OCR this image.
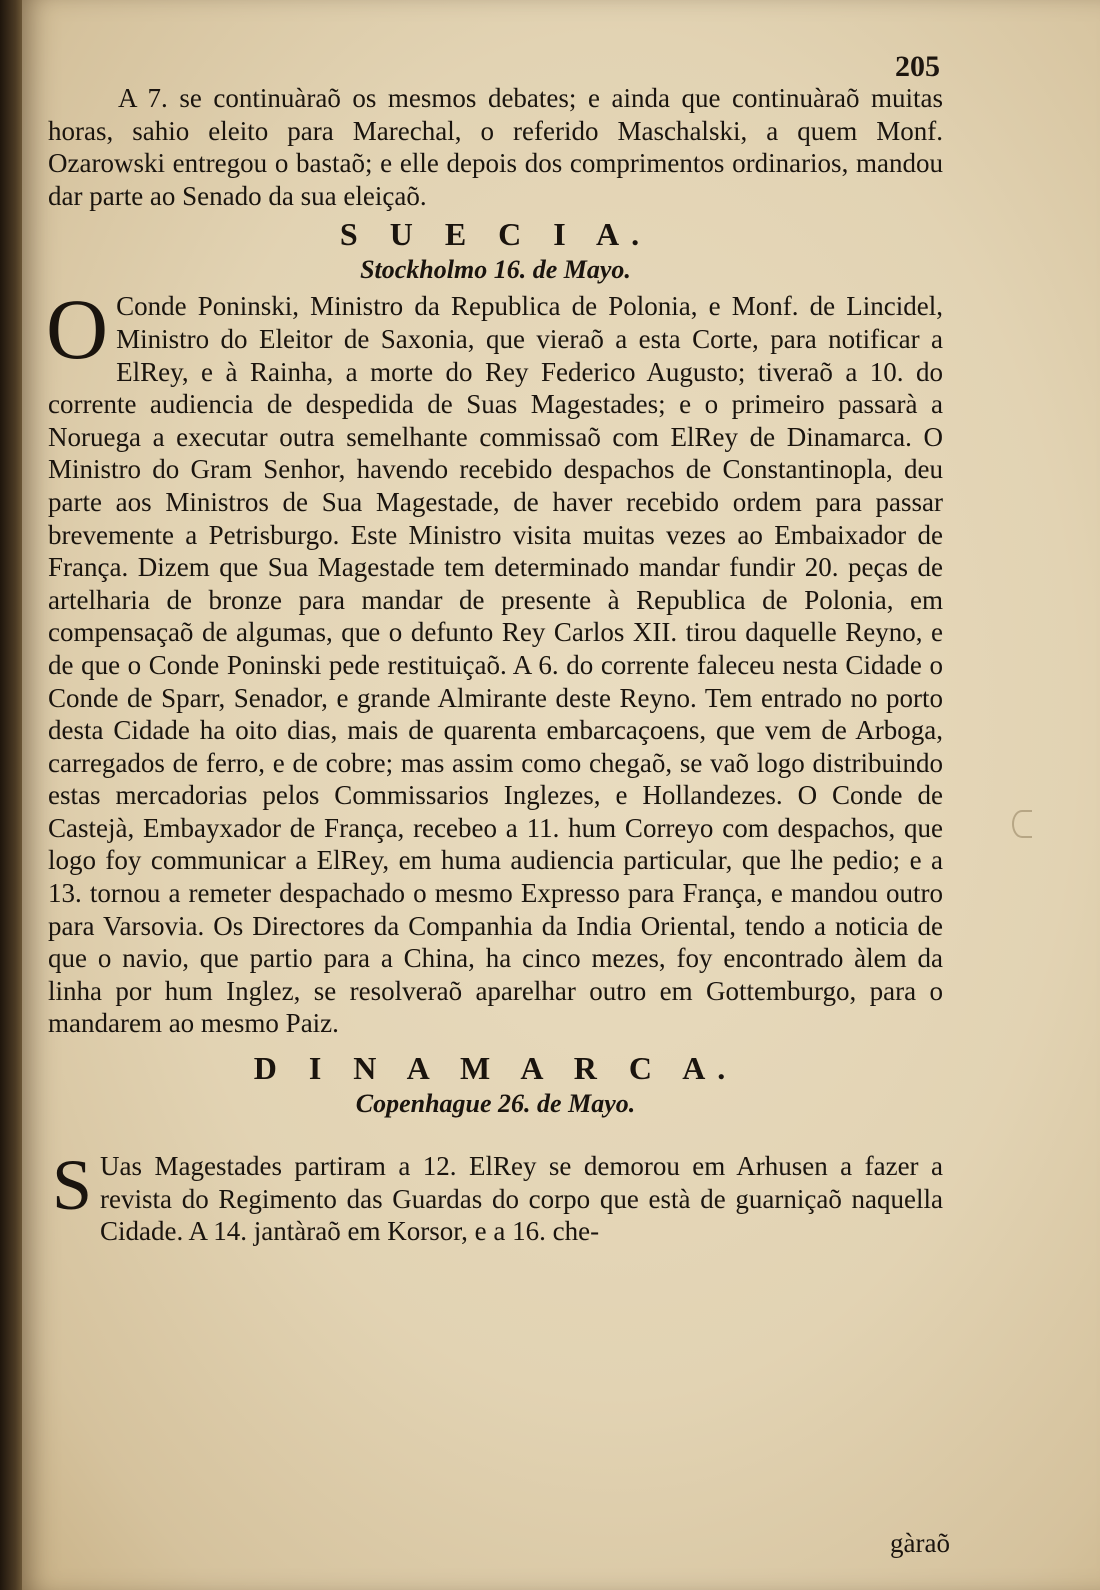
205

A 7. se continuàraõ os mesmos debates; e ainda que continuàraõ muitas horas, sahio eleito para Marechal, o referido Maschalski, a quem Monf. Ozarowski entregou o bastaõ; e elle depois dos comprimentos ordinarios, mandou dar parte ao Senado da sua eleiçaõ.

S U E C I A.
Stockholmo 16. de Mayo.

O Conde Poninski, Ministro da Republica de Polonia, e Monf. de Lincidel, Ministro do Eleitor de Saxonia, que vieraõ a esta Corte, para notificar a ElRey, e à Rainha, a morte do Rey Federico Augusto; tiveraõ a 10. do corrente audiencia de despedida de Suas Magestades; e o primeiro passarà a Noruega a executar outra semelhante commissaõ com ElRey de Dinamarca. O Ministro do Gram Senhor, havendo recebido despachos de Constantinopla, deu parte aos Ministros de Sua Magestade, de haver recebido ordem para passar brevemente a Petrisburgo. Este Ministro visita muitas vezes ao Embaixador de França. Dizem que Sua Magestade tem determinado mandar fundir 20. peças de artelharia de bronze para mandar de presente à Republica de Polonia, em compensaçaõ de algumas, que o defunto Rey Carlos XII. tirou daquelle Reyno, e de que o Conde Poninski pede restituiçaõ. A 6. do corrente faleceu nesta Cidade o Conde de Sparr, Senador, e grande Almirante deste Reyno. Tem entrado no porto desta Cidade ha oito dias, mais de quarenta embarcaçoens, que vem de Arboga, carregados de ferro, e de cobre; mas assim como chegaõ, se vaõ logo distribuindo estas mercadorias pelos Commissarios Inglezes, e Hollandezes. O Conde de Castejà, Embayxador de França, recebeo a 11. hum Correyo com despachos, que logo foy communicar a ElRey, em huma audiencia particular, que lhe pedio; e a 13. tornou a remeter despachado o mesmo Expresso para França, e mandou outro para Varsovia. Os Directores da Companhia da India Oriental, tendo a noticia de que o navio, que partio para a China, ha cinco mezes, foy encontrado àlem da linha por hum Inglez, se resolveraõ aparelhar outro em Gottemburgo, para o mandarem ao mesmo Paiz.

D I N A M A R C A.
Copenhague 26. de Mayo.

S Uas Magestades partiram a 12. ElRey se demorou em Arhusen a fazer a revista do Regimento das Guardas do corpo que està de guarniçaõ naquella Cidade. A 14. jantàraõ em Korsor, e a 16. che-

gàraõ
